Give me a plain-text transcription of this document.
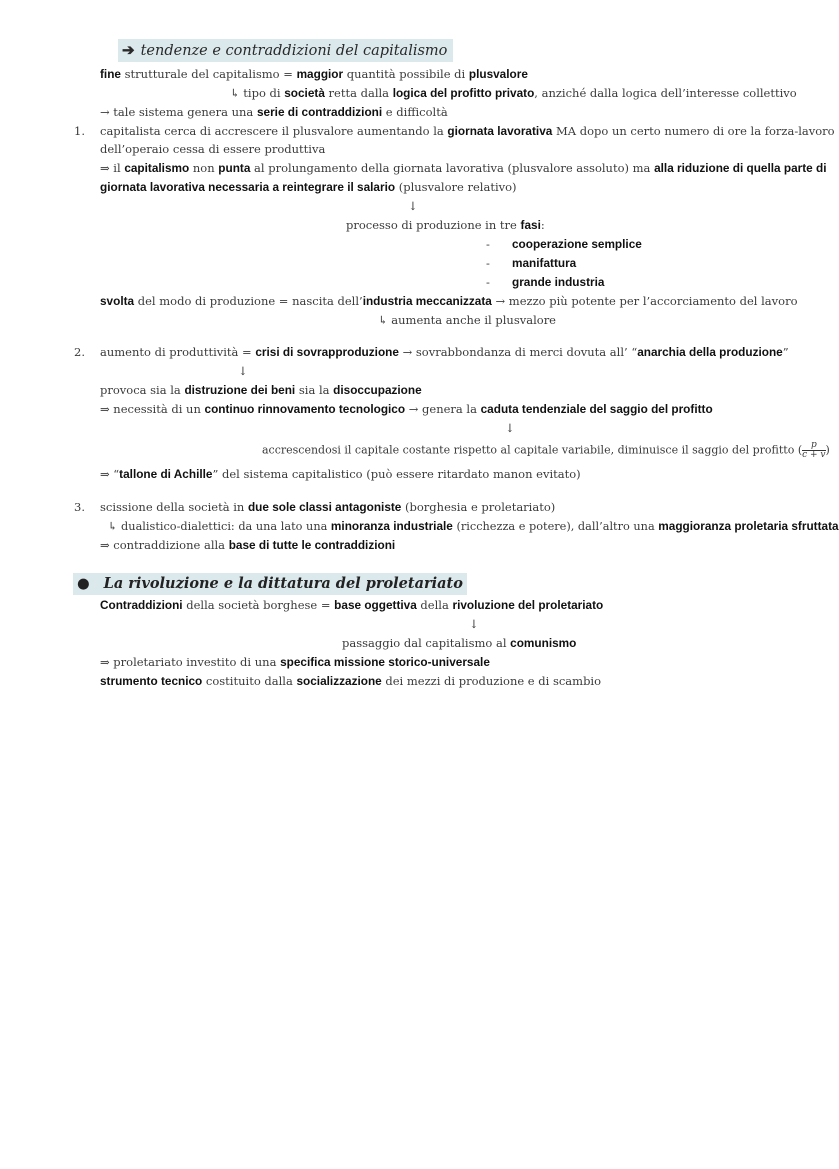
➔ tendenze e contraddizioni del capitalismo
fine strutturale del capitalismo = maggior quantità possibile di plusvalore
↳ tipo di società retta dalla logica del profitto privato, anziché dalla logica dell’interesse collettivo
→ tale sistema genera una serie di contraddizioni e difficoltà
1. capitalista cerca di accrescere il plusvalore aumentando la giornata lavorativa MA dopo un certo numero di ore la forza-lavoro
dell’operaio cessa di essere produttiva
⇒ il capitalismo non punta al prolungamento della giornata lavorativa (plusvalore assoluto) ma alla riduzione di quella parte di
giornata lavorativa necessaria a reintegrare il salario (plusvalore relativo)
↓
processo di produzione in tre fasi:
- cooperazione semplice
- manifattura
- grande industria
svolta del modo di produzione = nascita dell’industria meccanizzata → mezzo più potente per l’accorciamento del lavoro
↳ aumenta anche il plusvalore
2. aumento di produttività = crisi di sovrapproduzione → sovrabbondanza di merci dovuta all’ “anarchia della produzione”
↓
provoca sia la distruzione dei beni sia la disoccupazione
⇒ necessità di un continuo rinnovamento tecnologico → genera la caduta tendenziale del saggio del profitto
↓
accrescendosi il capitale costante rispetto al capitale variabile, diminuisce il saggio del profitto ( $\frac{p}{c + v}$ )
⇒ “tallone di Achille” del sistema capitalistico (può essere ritardato manon evitato)
3. scissione della società in due sole classi antagoniste (borghesia e proletariato)
↳ dualistico-dialettici: da una lato una minoranza industriale (ricchezza e potere), dall’altro una maggioranza proletaria sfruttata
⇒ contraddizione alla base di tutte le contraddizioni
● La rivoluzione e la dittatura del proletariato
Contraddizioni della società borghese = base oggettiva della rivoluzione del proletariato
↓
passaggio dal capitalismo al comunismo
⇒ proletariato investito di una specifica missione storico-universale
strumento tecnico costituito dalla socializzazione dei mezzi di produzione e di scambio
